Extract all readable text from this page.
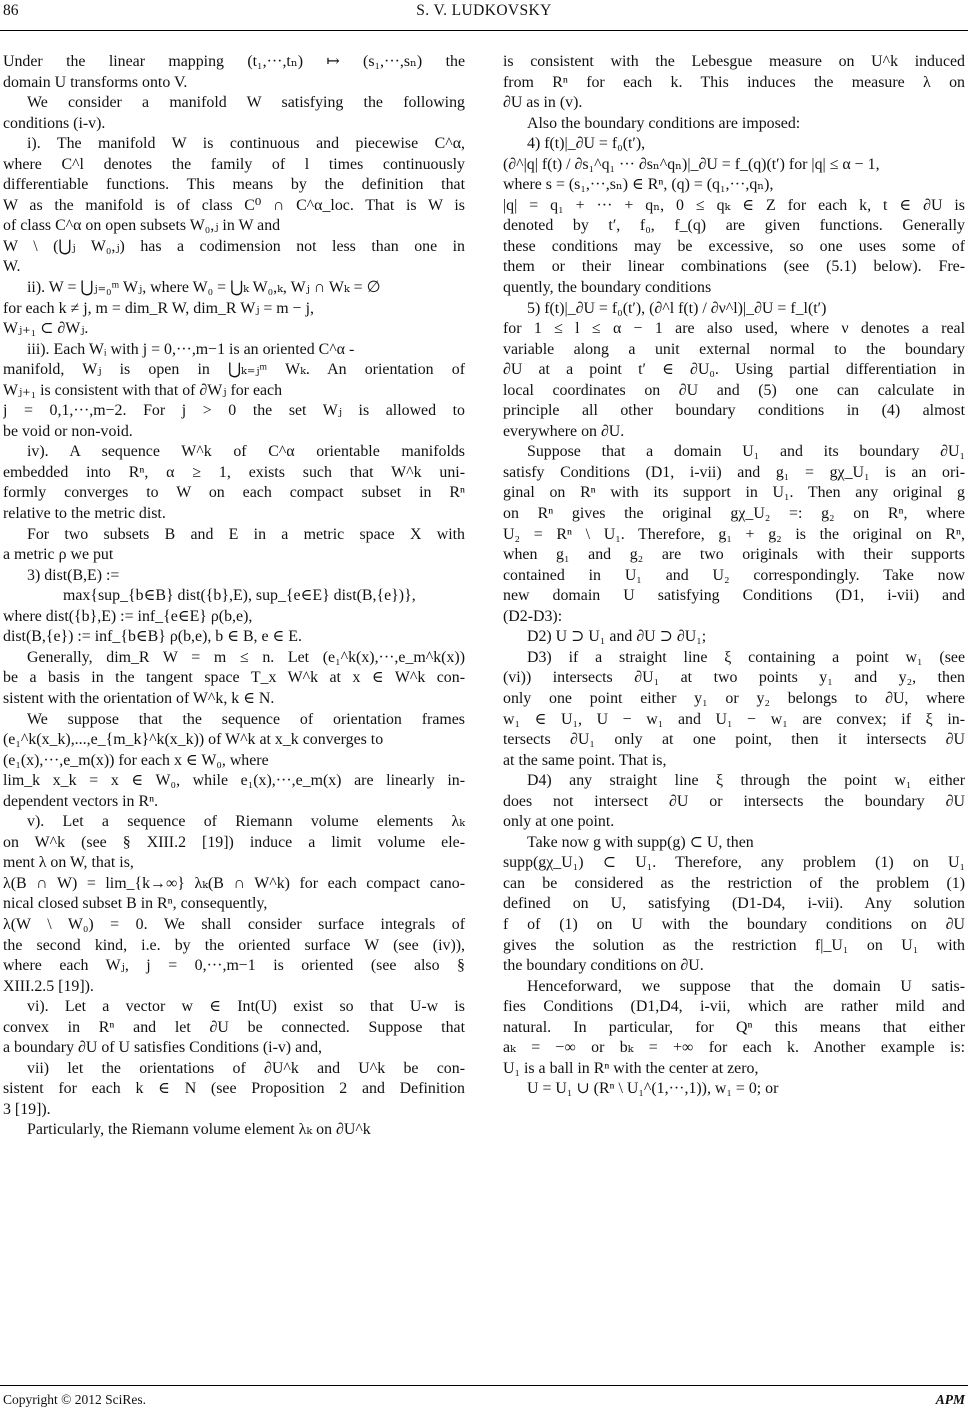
86	S. V. LUDKOVSKY
Under the linear mapping (t₁,···,tₙ) ↦ (s₁,···,sₙ) the
domain U transforms onto V.
We consider a manifold W satisfying the following
conditions (i-v).
i). The manifold W is continuous and piecewise C^α,
where C^l denotes the family of l times continuously
differentiable functions. This means by the definition that
W as the manifold is of class C⁰ ∩ C^α_loc. That is W is
of class C^α on open subsets W₀,ⱼ in W and
W \ (⋃ⱼ W₀,ⱼ) has a codimension not less than one in
W.
ii). W = ⋃ⱼ₌₀ᵐ Wⱼ, where W₀ = ⋃ₖ W₀,ₖ, Wⱼ ∩ Wₖ = ∅
for each k ≠ j, m = dim_R W, dim_R Wⱼ = m − j,
Wⱼ₊₁ ⊂ ∂Wⱼ.
iii). Each Wᵢ with j = 0,···,m−1 is an oriented C^α -
manifold, Wⱼ is open in ⋃ₖ₌ⱼᵐ Wₖ. An orientation of
Wⱼ₊₁ is consistent with that of ∂Wⱼ for each
j = 0,1,···,m−2. For j > 0 the set Wⱼ is allowed to
be void or non-void.
iv). A sequence W^k of C^α orientable manifolds
embedded into Rⁿ, α ≥ 1, exists such that W^k uni-
formly converges to W on each compact subset in Rⁿ
relative to the metric dist.
For two subsets B and E in a metric space X with
a metric ρ we put
3) dist(B,E) :=
max{sup_{b∈B} dist({b},E), sup_{e∈E} dist(B,{e})},
where dist({b},E) := inf_{e∈E} ρ(b,e),
dist(B,{e}) := inf_{b∈B} ρ(b,e), b ∈ B, e ∈ E.
Generally, dim_R W = m ≤ n. Let (e₁^k(x),···,e_m^k(x))
be a basis in the tangent space T_x W^k at x ∈ W^k con-
sistent with the orientation of W^k, k ∈ N.
We suppose that the sequence of orientation frames
(e₁^k(x_k),...,e_{m_k}^k(x_k)) of W^k at x_k converges to
(e₁(x),···,e_m(x)) for each x ∈ W₀, where
lim_k x_k = x ∈ W₀, while e₁(x),···,e_m(x) are linearly in-
dependent vectors in Rⁿ.
v). Let a sequence of Riemann volume elements λₖ
on W^k (see § XIII.2 [19]) induce a limit volume ele-
ment λ on W, that is,
λ(B ∩ W) = lim_{k→∞} λₖ(B ∩ W^k) for each compact cano-
nical closed subset B in Rⁿ, consequently,
λ(W \ W₀) = 0. We shall consider surface integrals of
the second kind, i.e. by the oriented surface W (see (iv)),
where each Wⱼ, j = 0,···,m−1 is oriented (see also §
XIII.2.5 [19]).
vi). Let a vector w ∈ Int(U) exist so that U-w is
convex in Rⁿ and let ∂U be connected. Suppose that
a boundary ∂U of U satisfies Conditions (i-v) and,
vii) let the orientations of ∂U^k and U^k be con-
sistent for each k ∈ N (see Proposition 2 and Definition
3 [19]).
Particularly, the Riemann volume element λₖ on ∂U^k
is consistent with the Lebesgue measure on U^k induced
from Rⁿ for each k. This induces the measure λ on
∂U as in (v).
Also the boundary conditions are imposed:
4) f(t)|_∂U = f₀(t′),
(∂^|q| f(t) / ∂s₁^q₁ ··· ∂sₙ^qₙ)|_∂U = f_(q)(t′) for |q| ≤ α − 1,
where s = (s₁,···,sₙ) ∈ Rⁿ, (q) = (q₁,···,qₙ),
|q| = q₁ + ··· + qₙ, 0 ≤ qₖ ∈ Z for each k, t ∈ ∂U is
denoted by t′, f₀, f_(q) are given functions. Generally
these conditions may be excessive, so one uses some of
them or their linear combinations (see (5.1) below). Fre-
quently, the boundary conditions
5) f(t)|_∂U = f₀(t′), (∂^l f(t) / ∂ν^l)|_∂U = f_l(t′)
for 1 ≤ l ≤ α − 1 are also used, where ν denotes a real
variable along a unit external normal to the boundary
∂U at a point t′ ∈ ∂U₀. Using partial differentiation in
local coordinates on ∂U and (5) one can calculate in
principle all other boundary conditions in (4) almost
everywhere on ∂U.
Suppose that a domain U₁ and its boundary ∂U₁
satisfy Conditions (D1, i-vii) and g₁ = gχ_U₁ is an ori-
ginal on Rⁿ with its support in U₁. Then any original g
on Rⁿ gives the original gχ_U₂ =: g₂ on Rⁿ, where
U₂ = Rⁿ \ U₁. Therefore, g₁ + g₂ is the original on Rⁿ,
when g₁ and g₂ are two originals with their supports
contained in U₁ and U₂ correspondingly. Take now
new domain U satisfying Conditions (D1, i-vii) and
(D2-D3):
D2) U ⊃ U₁ and ∂U ⊃ ∂U₁;
D3) if a straight line ξ containing a point w₁ (see
(vi)) intersects ∂U₁ at two points y₁ and y₂, then
only one point either y₁ or y₂ belongs to ∂U, where
w₁ ∈ U₁, U − w₁ and U₁ − w₁ are convex; if ξ in-
tersects ∂U₁ only at one point, then it intersects ∂U
at the same point. That is,
D4) any straight line ξ through the point w₁ either
does not intersect ∂U or intersects the boundary ∂U
only at one point.
Take now g with supp(g) ⊂ U, then
supp(gχ_U₁) ⊂ U₁. Therefore, any problem (1) on U₁
can be considered as the restriction of the problem (1)
defined on U, satisfying (D1-D4, i-vii). Any solution
f of (1) on U with the boundary conditions on ∂U
gives the solution as the restriction f|_U₁ on U₁ with
the boundary conditions on ∂U.
Henceforward, we suppose that the domain U satis-
fies Conditions (D1,D4, i-vii, which are rather mild and
natural. In particular, for Qⁿ this means that either
aₖ = −∞ or bₖ = +∞ for each k. Another example is:
U₁ is a ball in Rⁿ with the center at zero,
U = U₁ ∪ (Rⁿ \ U₁^(1,···,1)), w₁ = 0; or
Copyright © 2012 SciRes.	APM
